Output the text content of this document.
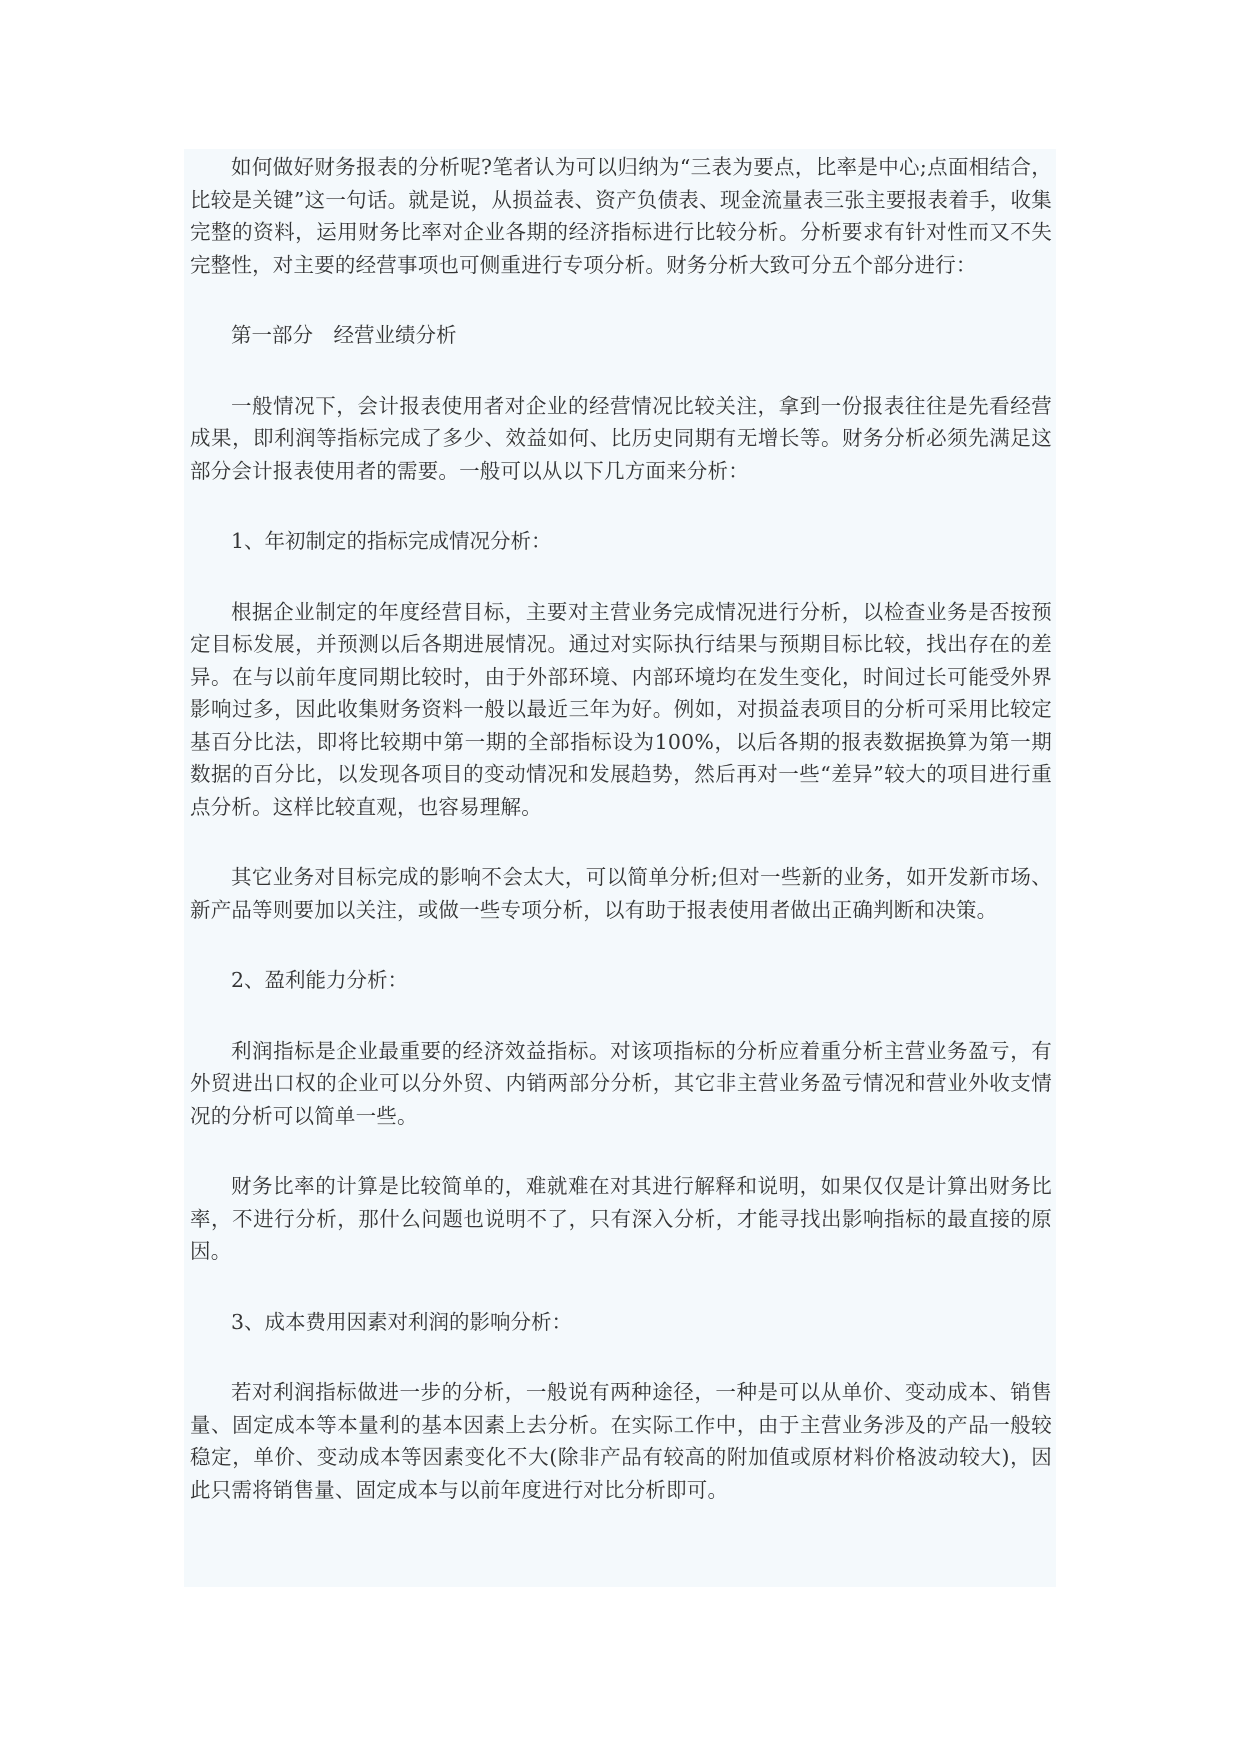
如何做好财务报表的分析呢?笔者认为可以归纳为“三表为要点，比率是中心;点面相结合，比较是关键”这一句话。就是说，从损益表、资产负债表、现金流量表三张主要报表着手，收集完整的资料，运用财务比率对企业各期的经济指标进行比较分析。分析要求有针对性而又不失完整性，对主要的经营事项也可侧重进行专项分析。财务分析大致可分五个部分进行：

第一部分　经营业绩分析

一般情况下，会计报表使用者对企业的经营情况比较关注，拿到一份报表往往是先看经营成果，即利润等指标完成了多少、效益如何、比历史同期有无增长等。财务分析必须先满足这部分会计报表使用者的需要。一般可以从以下几方面来分析：

1、年初制定的指标完成情况分析：

根据企业制定的年度经营目标，主要对主营业务完成情况进行分析，以检查业务是否按预定目标发展，并预测以后各期进展情况。通过对实际执行结果与预期目标比较，找出存在的差异。在与以前年度同期比较时，由于外部环境、内部环境均在发生变化，时间过长可能受外界影响过多，因此收集财务资料一般以最近三年为好。例如，对损益表项目的分析可采用比较定基百分比法，即将比较期中第一期的全部指标设为100%，以后各期的报表数据换算为第一期数据的百分比，以发现各项目的变动情况和发展趋势，然后再对一些“差异”较大的项目进行重点分析。这样比较直观，也容易理解。

其它业务对目标完成的影响不会太大，可以简单分析;但对一些新的业务，如开发新市场、新产品等则要加以关注，或做一些专项分析，以有助于报表使用者做出正确判断和决策。

2、盈利能力分析：

利润指标是企业最重要的经济效益指标。对该项指标的分析应着重分析主营业务盈亏，有外贸进出口权的企业可以分外贸、内销两部分分析，其它非主营业务盈亏情况和营业外收支情况的分析可以简单一些。

财务比率的计算是比较简单的，难就难在对其进行解释和说明，如果仅仅是计算出财务比率，不进行分析，那什么问题也说明不了，只有深入分析，才能寻找出影响指标的最直接的原因。

3、成本费用因素对利润的影响分析：

若对利润指标做进一步的分析，一般说有两种途径，一种是可以从单价、变动成本、销售量、固定成本等本量利的基本因素上去分析。在实际工作中，由于主营业务涉及的产品一般较稳定，单价、变动成本等因素变化不大(除非产品有较高的附加值或原材料价格波动较大)，因此只需将销售量、固定成本与以前年度进行对比分析即可。
